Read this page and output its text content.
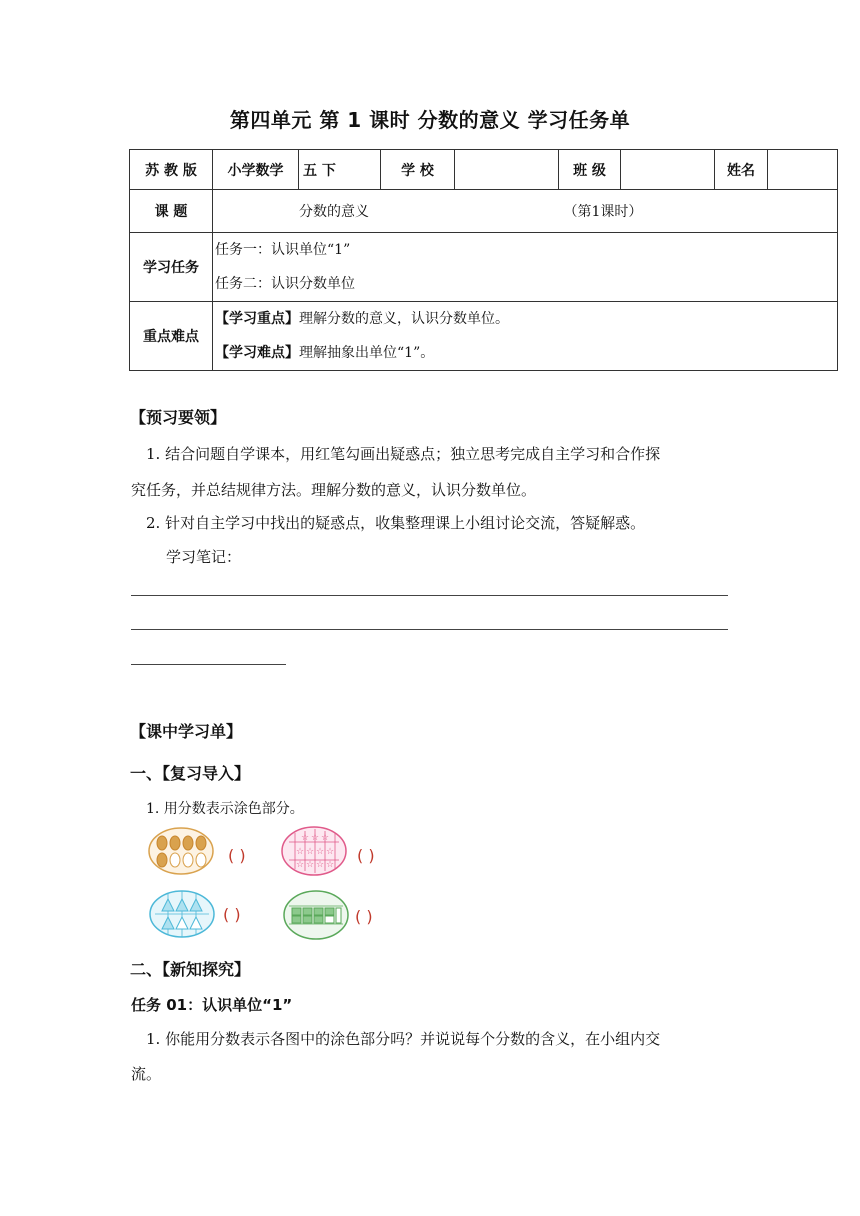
第四单元 第 1 课时 分数的意义 学习任务单
苏 教 版	小学数学	五 下	学 校		班 级		姓名	
课 题	分数的意义 （第1课时）							
学习任务	任务一：认识单位“1”
任务二：认识分数单位							

重点难点	【学习重点】理解分数的意义，认识分数单位。
【学习难点】理解抽象出单位“1”。							
【预习要领】
1. 结合问题自学课本，用红笔勾画出疑惑点；独立思考完成自主学习和合作探
究任务，并总结规律方法。理解分数的意义，认识分数单位。
2. 针对自主学习中找出的疑惑点，收集整理课上小组讨论交流，答疑解惑。
学习笔记：
【课中学习单】
一、【复习导入】
1. 用分数表示涂色部分。
( )	☆ ☆ ☆ ☆
☆ ☆ ☆ ☆
☆ ☆ ☆
( )
( )	( )
二、【新知探究】
任务 01：认识单位“1”
1. 你能用分数表示各图中的涂色部分吗？并说说每个分数的含义，在小组内交
流。
